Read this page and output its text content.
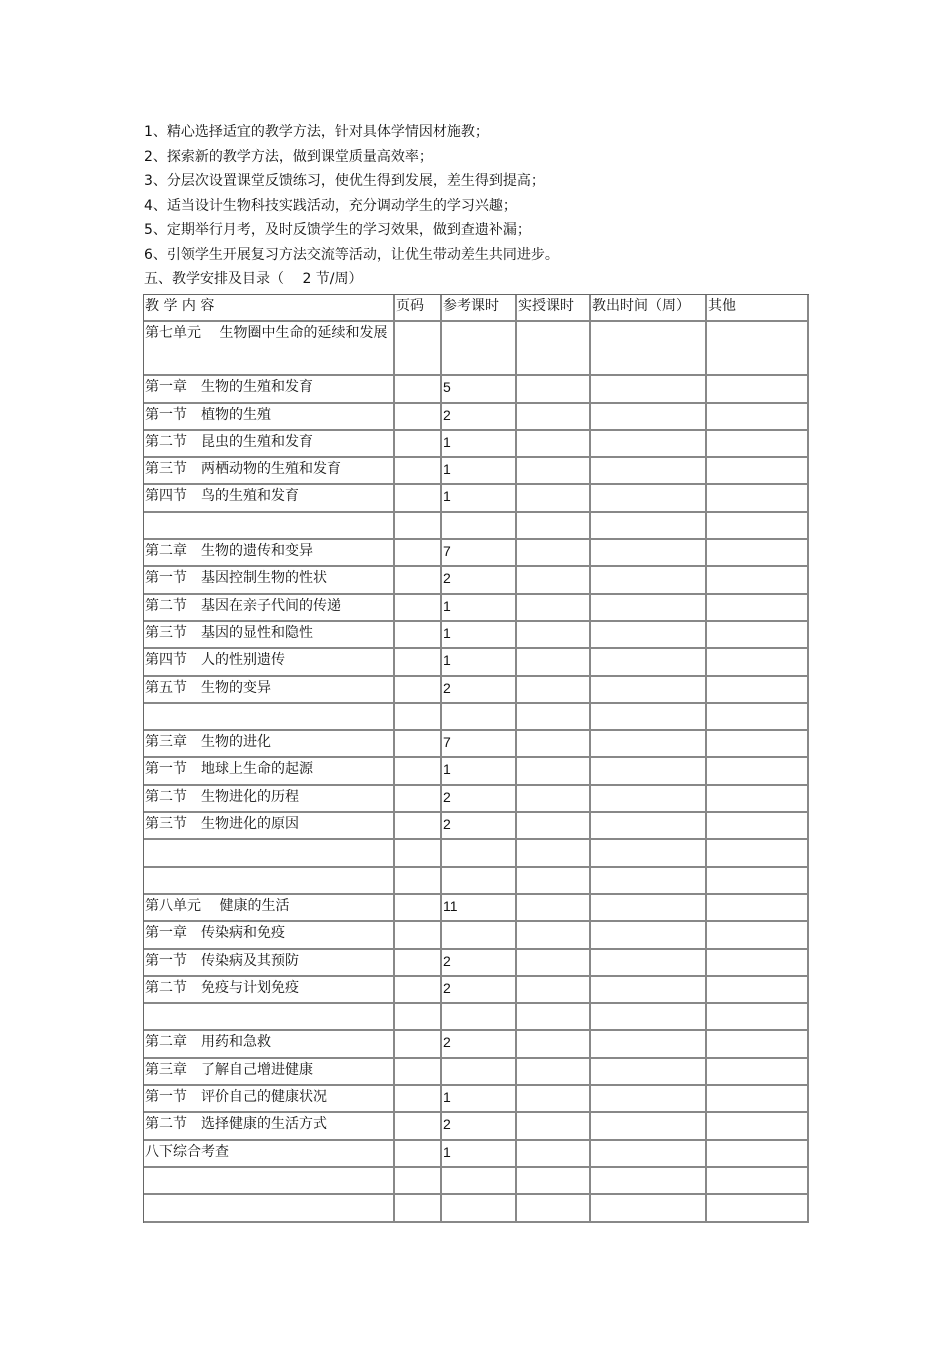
1、精心选择适宜的教学方法，针对具体学情因材施教；
2、探索新的教学方法，做到课堂质量高效率；
3、分层次设置课堂反馈练习，使优生得到发展，差生得到提高；
4、适当设计生物科技实践活动，充分调动学生的学习兴趣；
5、定期举行月考，及时反馈学生的学习效果，做到查遗补漏；
6、引领学生开展复习方法交流等活动，让优生带动差生共同进步。
五、教学安排及目录（　 2 节/周）
教 学 内 容	页码	参考课时	实授课时	教出时间（周）	其他
第七单元　 生物圈中生命的延续和发展					
第一章　生物的生殖和发育		5			
第一节　植物的生殖		2			
第二节　昆虫的生殖和发育		1			
第三节　两栖动物的生殖和发育		1			
第四节　鸟的生殖和发育		1			

第二章　生物的遗传和变异		7			
第一节　基因控制生物的性状		2			
第二节　基因在亲子代间的传递		1			
第三节　基因的显性和隐性		1			
第四节　人的性别遗传		1			
第五节　生物的变异		2			

第三章　生物的进化		7			
第一节　地球上生命的起源		1			
第二节　生物进化的历程		2			
第三节　生物进化的原因		2			

第八单元　 健康的生活		11			
第一章　传染病和免疫					
第一节　传染病及其预防		2			
第二节　免疫与计划免疫		2			

第二章　用药和急救		2			
第三章　了解自己增进健康					
第一节　评价自己的健康状况		1			
第二节　选择健康的生活方式		2			
八下综合考查		1			
